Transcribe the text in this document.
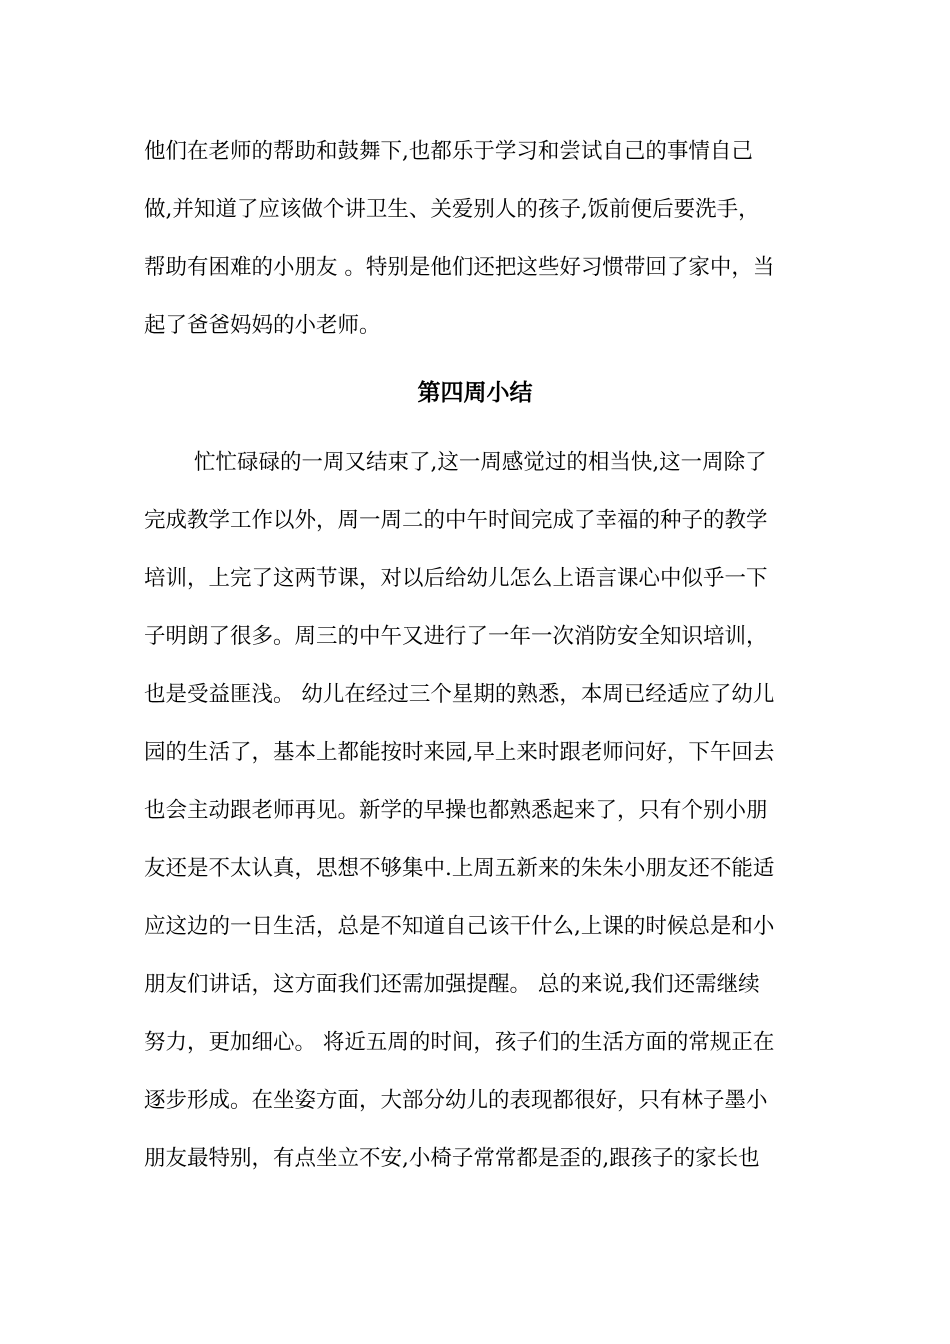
他们在老师的帮助和鼓舞下,也都乐于学习和尝试自己的事情自己
做,并知道了应该做个讲卫生、关爱别人的孩子,饭前便后要洗手，
帮助有困难的小朋友 。特别是他们还把这些好习惯带回了家中，当
起了爸爸妈妈的小老师。
第四周小结
忙忙碌碌的一周又结束了,这一周感觉过的相当快,这一周除了
完成教学工作以外，周一周二的中午时间完成了幸福的种子的教学
培训，上完了这两节课，对以后给幼儿怎么上语言课心中似乎一下
子明朗了很多。周三的中午又进行了一年一次消防安全知识培训，
也是受益匪浅。 幼儿在经过三个星期的熟悉，本周已经适应了幼儿
园的生活了，基本上都能按时来园,早上来时跟老师问好，下午回去
也会主动跟老师再见。新学的早操也都熟悉起来了，只有个别小朋
友还是不太认真，思想不够集中.上周五新来的朱朱小朋友还不能适
应这边的一日生活，总是不知道自己该干什么,上课的时候总是和小
朋友们讲话，这方面我们还需加强提醒。 总的来说,我们还需继续
努力，更加细心。 将近五周的时间，孩子们的生活方面的常规正在
逐步形成。在坐姿方面，大部分幼儿的表现都很好，只有林子墨小
朋友最特别，有点坐立不安,小椅子常常都是歪的,跟孩子的家长也
